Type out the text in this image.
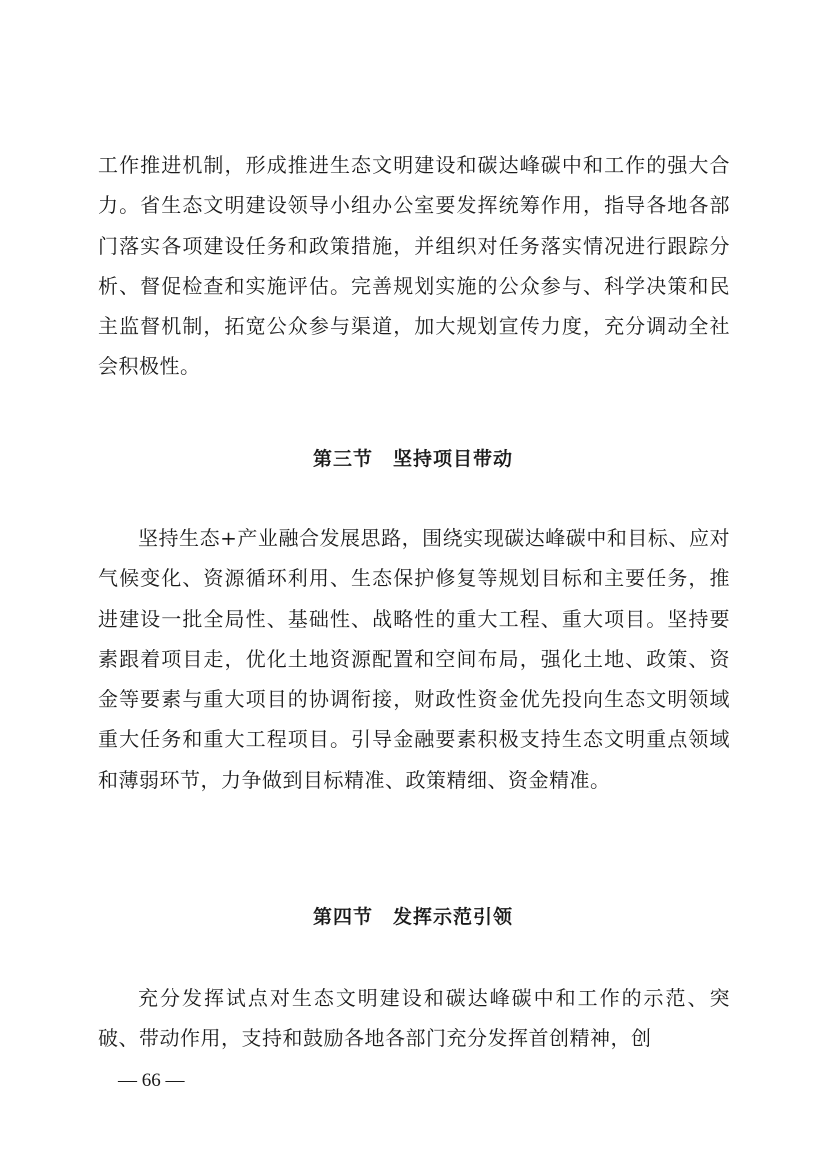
工作推进机制，形成推进生态文明建设和碳达峰碳中和工作的强大合力。省生态文明建设领导小组办公室要发挥统筹作用，指导各地各部门落实各项建设任务和政策措施，并组织对任务落实情况进行跟踪分析、督促检查和实施评估。完善规划实施的公众参与、科学决策和民主监督机制，拓宽公众参与渠道，加大规划宣传力度，充分调动全社会积极性。

第三节　坚持项目带动

坚持生态+产业融合发展思路，围绕实现碳达峰碳中和目标、应对气候变化、资源循环利用、生态保护修复等规划目标和主要任务，推进建设一批全局性、基础性、战略性的重大工程、重大项目。坚持要素跟着项目走，优化土地资源配置和空间布局，强化土地、政策、资金等要素与重大项目的协调衔接，财政性资金优先投向生态文明领域重大任务和重大工程项目。引导金融要素积极支持生态文明重点领域和薄弱环节，力争做到目标精准、政策精细、资金精准。

第四节　发挥示范引领

充分发挥试点对生态文明建设和碳达峰碳中和工作的示范、突破、带动作用，支持和鼓励各地各部门充分发挥首创精神，创

— 66 —
